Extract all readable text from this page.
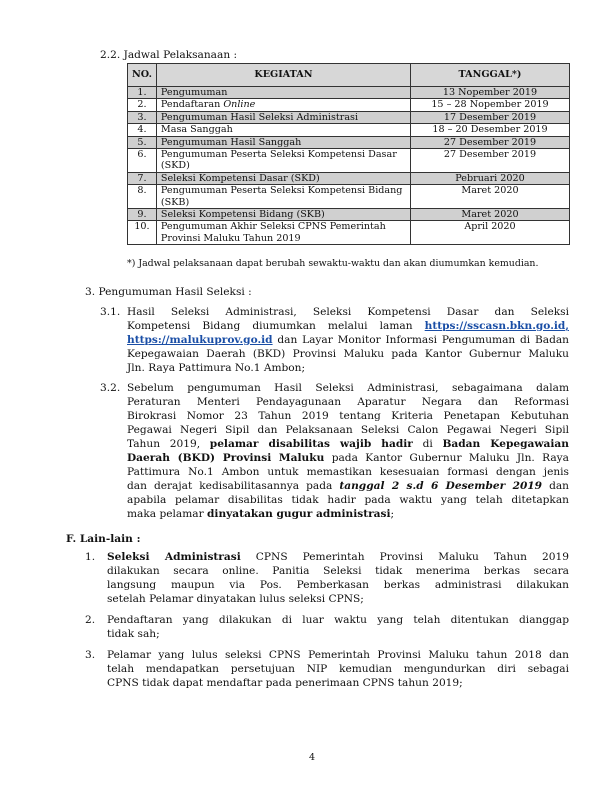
2.2. Jadwal Pelaksanaan :
NO.	KEGIATAN	TANGGAL*)
1.	Pengumuman	13 Nopember 2019
2.	Pendaftaran Online	15 – 28 Nopember 2019
3.	Pengumuman Hasil Seleksi Administrasi	17 Desember 2019
4.	Masa Sanggah	18 – 20 Desember 2019
5.	Pengumuman Hasil Sanggah	27 Desember 2019
6.	Pengumuman Peserta Seleksi Kompetensi Dasar (SKD)	27 Desember 2019
7.	Seleksi Kompetensi Dasar (SKD)	Pebruari 2020
8.	Pengumuman Peserta Seleksi Kompetensi Bidang (SKB)	Maret 2020
9.	Seleksi Kompetensi Bidang (SKB)	Maret 2020
10.	Pengumuman Akhir Seleksi CPNS Pemerintah Provinsi Maluku Tahun 2019	April 2020
*) Jadwal pelaksanaan dapat berubah sewaktu-waktu dan akan diumumkan kemudian.
3. Pengumuman Hasil Seleksi :
3.1. Hasil Seleksi Administrasi, Seleksi Kompetensi Dasar dan Seleksi
Kompetensi Bidang diumumkan melalui laman https://sscasn.bkn.go.id,
https://malukuprov.go.id dan Layar Monitor Informasi Pengumuman di Badan
Kepegawaian Daerah (BKD) Provinsi Maluku pada Kantor Gubernur Maluku
Jln. Raya Pattimura No.1 Ambon;
3.2. Sebelum pengumuman Hasil Seleksi Administrasi, sebagaimana dalam
Peraturan Menteri Pendayagunaan Aparatur Negara dan Reformasi
Birokrasi Nomor 23 Tahun 2019 tentang Kriteria Penetapan Kebutuhan
Pegawai Negeri Sipil dan Pelaksanaan Seleksi Calon Pegawai Negeri Sipil
Tahun 2019, pelamar disabilitas wajib hadir di Badan Kepegawaian
Daerah (BKD) Provinsi Maluku pada Kantor Gubernur Maluku Jln. Raya
Pattimura No.1 Ambon untuk memastikan kesesuaian formasi dengan jenis
dan derajat kedisabilitasannya pada tanggal 2 s.d 6 Desember 2019 dan
apabila pelamar disabilitas tidak hadir pada waktu yang telah ditetapkan
maka pelamar dinyatakan gugur administrasi;
F. Lain-lain :
1. Seleksi Administrasi CPNS Pemerintah Provinsi Maluku Tahun 2019
dilakukan secara online. Panitia Seleksi tidak menerima berkas secara
langsung maupun via Pos. Pemberkasan berkas administrasi dilakukan
setelah Pelamar dinyatakan lulus seleksi CPNS;
2. Pendaftaran yang dilakukan di luar waktu yang telah ditentukan dianggap
tidak sah;
3. Pelamar yang lulus seleksi CPNS Pemerintah Provinsi Maluku tahun 2018 dan
telah mendapatkan persetujuan NIP kemudian mengundurkan diri sebagai
CPNS tidak dapat mendaftar pada penerimaan CPNS tahun 2019;
4
